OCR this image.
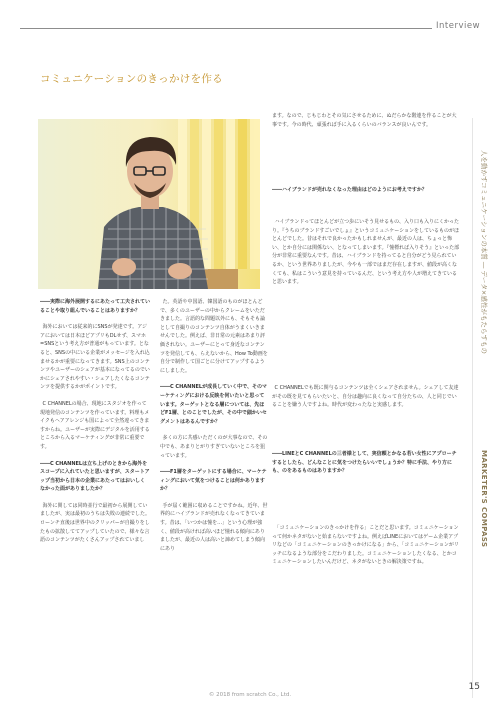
Interview
コミュニケーションのきっかけを作る
――実際に海外展開するにあたって工夫されていることや取り組んでいることはありますか？

海外においては従来的にSNSが発達です。アジアにおいては日本ほどアプリもDLせず、スマホ=SNSという考え方が普通がもっています。となると、SNSの中にいる企業がメッセージを入れ込ませるかが重要になってきます。SNS上のコンテンツやユーザーのシェアが基本になってるのでいかにシェアされやすい・シェアしたくなるコンテンツを提供するかがポイントです。

C CHANNELの場合、現地にスタジオを作って現地発信のコンテンツを作っています。料理もメイクもヘアアレンジも国によって全然違ってきますからね。ユーザーが実際にデジタルを活用するところから入るマーケティングが非常に重要です。

――C CHANNELは立ち上げのときから海外をスコープに入れていたと思いますが、スタートアップ当初から日本の企業にあたってはおいしくなかった面がありましたか？

海外に関しては同時並行で最初から展開していましたが、実は最初のうちは失敗の連続でした。ローンチ直後は世界中のクリッパーが自撮りをしたもの拡散しててアップしていたので、様々な言語のコンテンツがたくさんアップされていまし

た。英語や中国語、韓国語のものがほとんどで、多くのユーザーの中からクレームをいただきました。言語的な問題以外にも、そもそも論として自撮りのコンテンツ自体がうまくいきませんでした。例えば、非日常の元素はあまり評価されない。ユーザーにとって身近なコンテンツを発信しても、らえないから、How To動画を自分で制作して国ごとに分けてアップするようにしました。

――C CHANNELが成長していく中で、そのマーケティングにおける反映を何いたいと思っています。ターゲットとなる層については、先ほどF1層、とのことでしたが、その中で細かいセグメントはあるんですか？

多くの方に共感いただくのが大事なので、その中でも、あまりとがりすぎていないところを狙っています。

――F1層をターゲットにする場合に、マーケティングにおいて気をつけることは何かありますか？

手が届く範囲に収めることですかね。近年、世界的にハイブランドが売れなくなってきています。昔は、「いつかは憧を…」という心理が強く、値段が高ければ高いほど憧れる傾向にありましたが、最近の人は高いと諦めてしまう傾向にあり

ます。なので、じもじわとその気にさせるために、ぬだらかな階連を作ることが大事です。今の時代、頑張れば手に入るくらいのバランスが良いんです。
――ハイブランドが売れなくなった理由はどのようにお考えですか？
ハイブランドってほとんどが立つ歩にいそう見せるもの、入り口も入りにくかったり。『うちのブランドすごいでしょ』というコミュニケーションをしているものがほとんどでした。昔はそれで良かったかもしれませんが、最近の人は、ちょっと怖い、とか自分には関係ない、となってしまいます。『憧標れば入りそう』といった部分が非常に重要なんです。昔は、ハイブランドを持ってると自分がどう見られているか、という世界ありましたが、今やも一部ではまだ存在しますが、値段が高くなくても、私はこういう意見を持っているんだ、という考え方や人が増えてきていると思います。
C CHANNELでも既に関与るコンテンツは全くシェアされません。シェアして友達がその既を見てもらいたいと、自分は趣向に良くなって自分たちの、人と同じでいることを嫌う人ですよね。時代が変わったなと実感します。
――LINEとC CHANNELの三者様として、実信頼とかなる若い女性にアプローチするとしたら、どんなことに気をつけたらいいでしょうか？特に手法、やり方にも、のをあるものはありますか？
「コミュニケーションのきっかけを作る」ことだと思います。コミュニケーションって何かネタがないと始まらないですよね。例えばLINEにおいてはゲーム企業アプリなどの「コミュニケーションのきっかけになる」から、「コミュニケーションがリッチになるような部分をこだわりました。コミュニケーションしたくなる、とかコミュニケーションしたいんだけど、ネタがないときの解決策ですね。
人を動かすコミュニケーションの本質 ― データ×感性がもたらすもの
MARKETER'S COMPASS
© 2018 from scratch Co., Ltd.
15
